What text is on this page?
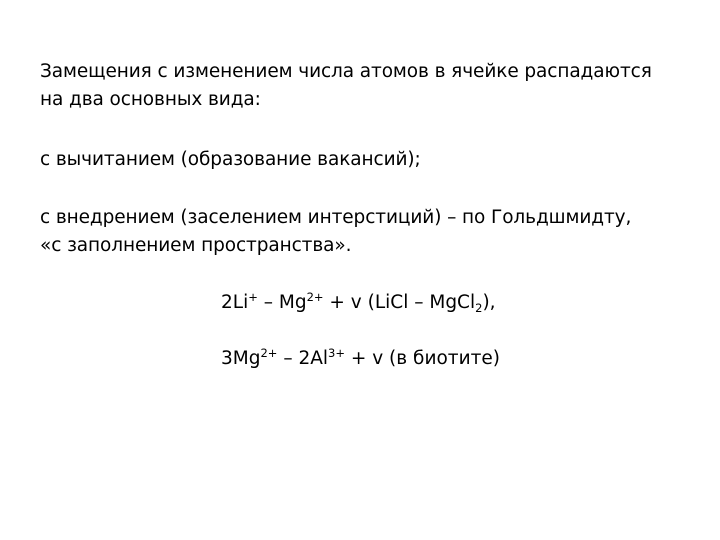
Замещения с изменением числа атомов в ячейке распадаются
на два основных вида:
с вычитанием (образование вакансий);
с внедрением (заселением интерстиций) – по Гольдшмидту,
«с заполнением пространства».
$2Li^+ - Mg^{2+} + v$ (LiCl – MgCl$_2$),
$3Mg^{2+} - 2Al^{3+} + v$ (в биотите)
